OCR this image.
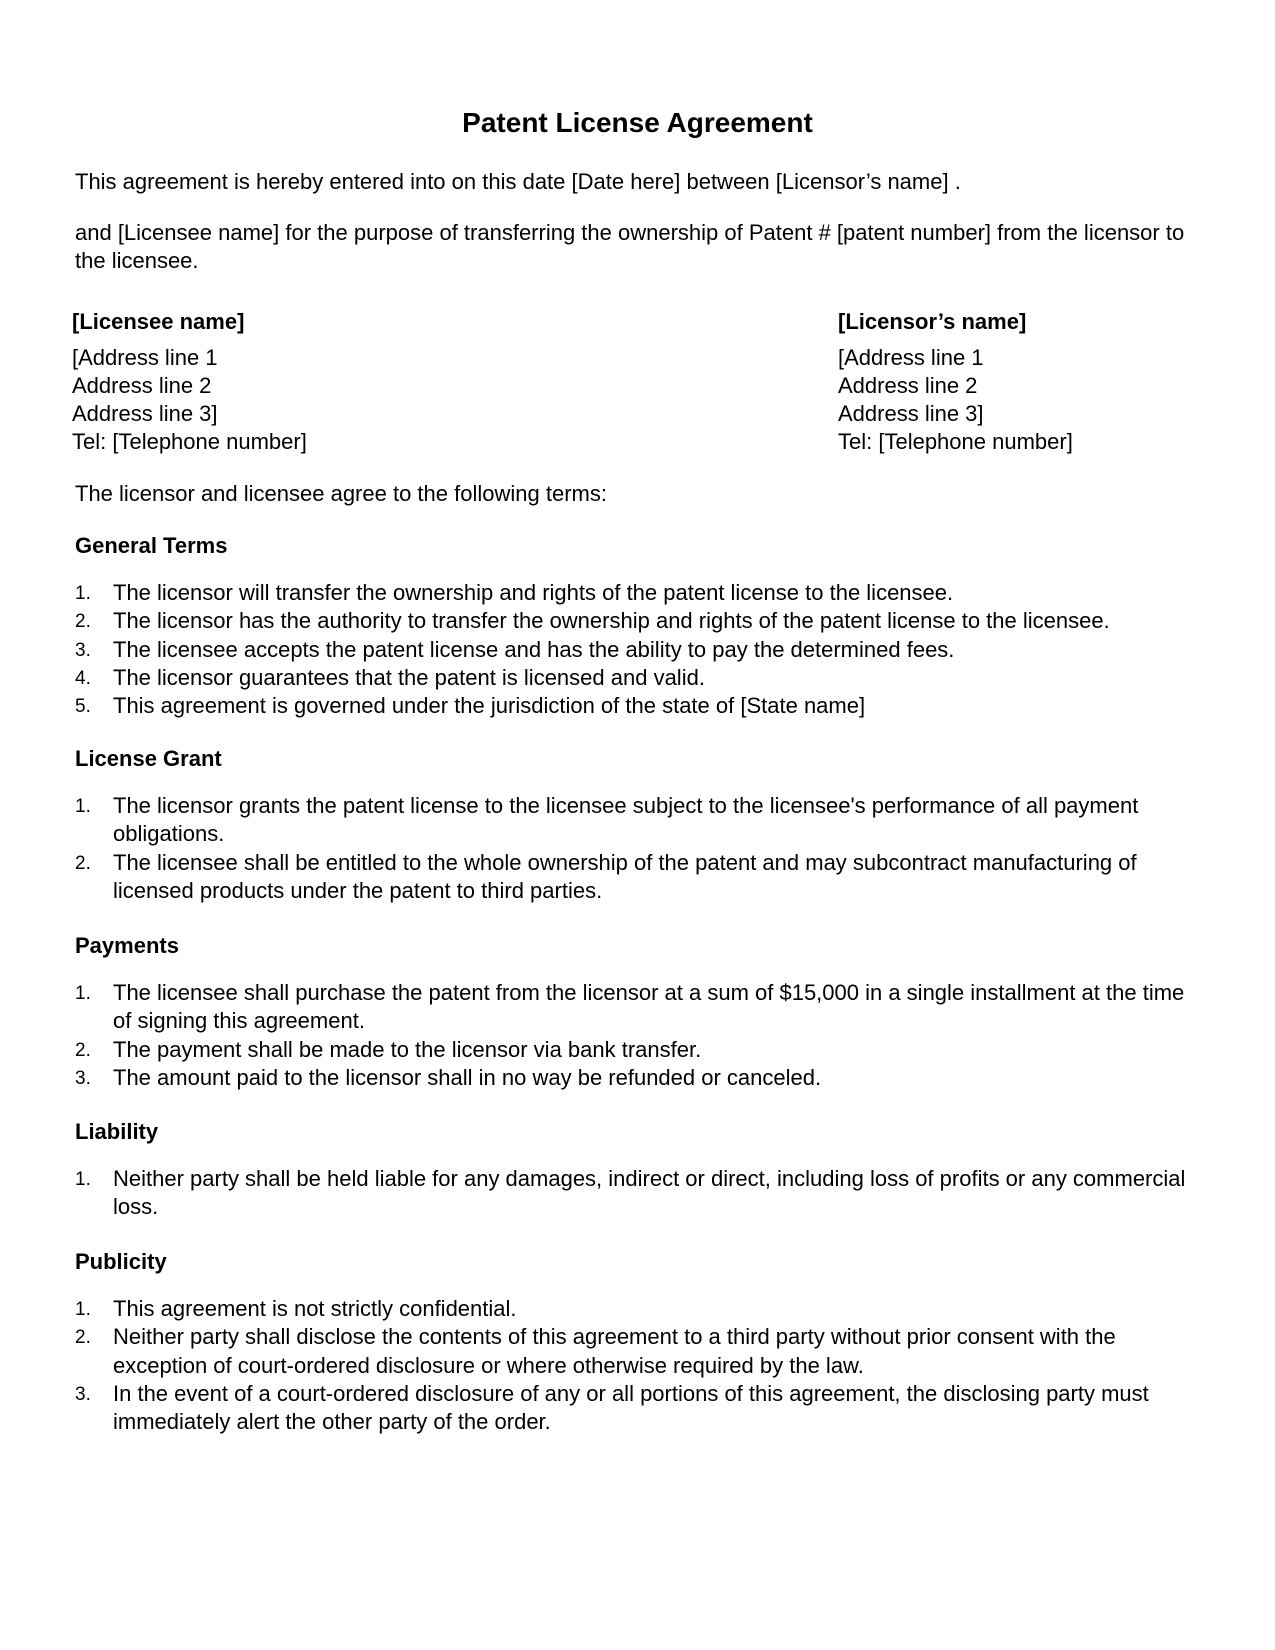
Patent License Agreement

This agreement is hereby entered into on this date [Date here] between [Licensor’s name] .

and [Licensee name] for the purpose of transferring the ownership of Patent # [patent number] from the licensor to the licensee.

[Licensee name]

[Address line 1
Address line 2
Address line 3]
Tel: [Telephone number]

[Licensor’s name]

[Address line 1
Address line 2
Address line 3]
Tel: [Telephone number]

The licensor and licensee agree to the following terms:

General Terms
1.	The licensor will transfer the ownership and rights of the patent license to the licensee.
2.	The licensor has the authority to transfer the ownership and rights of the patent license to the licensee.
3.	The licensee accepts the patent license and has the ability to pay the determined fees.
4.	The licensor guarantees that the patent is licensed and valid.
5.	This agreement is governed under the jurisdiction of the state of [State name]
License Grant
1.	The licensor grants the patent license to the licensee subject to the licensee's performance of all payment obligations.
2.	The licensee shall be entitled to the whole ownership of the patent and may subcontract manufacturing of licensed products under the patent to third parties.
Payments
1.	The licensee shall purchase the patent from the licensor at a sum of $15,000 in a single installment at the time of signing this agreement.
2.	The payment shall be made to the licensor via bank transfer.
3.	The amount paid to the licensor shall in no way be refunded or canceled.
Liability
1.	Neither party shall be held liable for any damages, indirect or direct, including loss of profits or any commercial loss.
Publicity
1.	This agreement is not strictly confidential.
2.	Neither party shall disclose the contents of this agreement to a third party without prior consent with the exception of court-ordered disclosure or where otherwise required by the law.
3.	In the event of a court-ordered disclosure of any or all portions of this agreement, the disclosing party must immediately alert the other party of the order.
